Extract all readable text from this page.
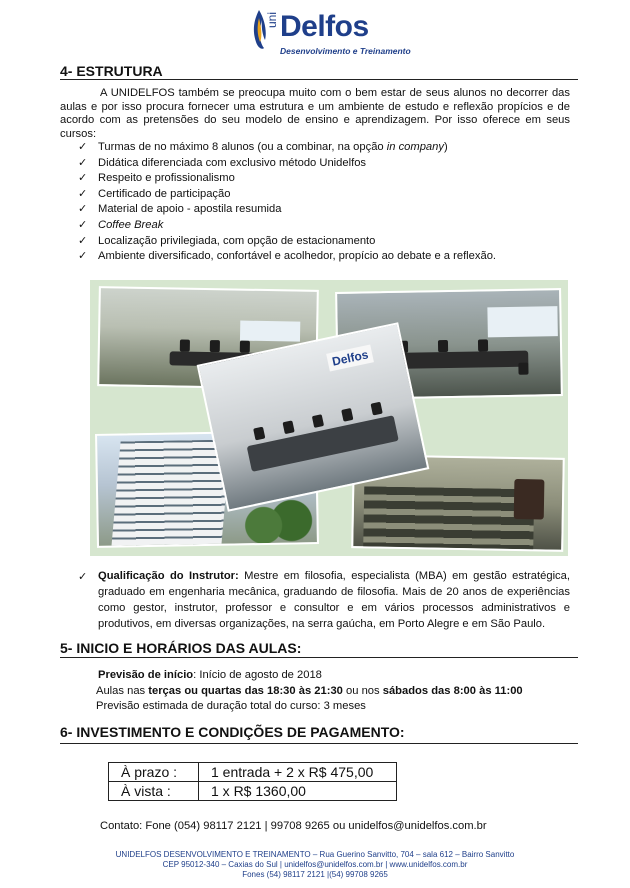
uni Delfos
Desenvolvimento e Treinamento
4- ESTRUTURA
A UNIDELFOS também se preocupa muito com o bem estar de seus alunos no decorrer das aulas e por isso procura fornecer uma estrutura e um ambiente de estudo e reflexão propícios e de acordo com as pretensões do seu modelo de ensino e aprendizagem. Por isso oferece em seus cursos:
✓ Turmas de no máximo 8 alunos (ou a combinar, na opção in company)
✓ Didática diferenciada com exclusivo método Unidelfos
✓ Respeito e profissionalismo
✓ Certificado de participação
✓ Material de apoio - apostila resumida
✓ Coffee Break
✓ Localização privilegiada, com opção de estacionamento
✓ Ambiente diversificado, confortável e acolhedor, propício ao debate e a reflexão.
Delfos
✓ Qualificação do Instrutor: Mestre em filosofia, especialista (MBA) em gestão estratégica, graduado em engenharia mecânica, graduando de filosofia. Mais de 20 anos de experiências como gestor, instrutor, professor e consultor e em vários processos administrativos e produtivos, em diversas organizações, na serra gaúcha, em Porto Alegre e em São Paulo.

5- INICIO E HORÁRIOS DAS AULAS:
Previsão de início: Início de agosto de 2018
Aulas nas terças ou quartas das 18:30 às 21:30 ou nos sábados das 8:00 às 11:00
Previsão estimada de duração total do curso: 3 meses
6- INVESTIMENTO E CONDIÇÕES DE PAGAMENTO:
À prazo :	1 entrada + 2 x R$ 475,00
À vista :	1 x R$ 1360,00
Contato: Fone (054) 98117 2121 | 99708 9265 ou unidelfos@unidelfos.com.br
UNIDELFOS DESENVOLVIMENTO E TREINAMENTO – Rua Guerino Sanvitto, 704 – sala 612 – Bairro Sanvitto
CEP 95012-340 – Caxias do Sul | unidelfos@unidelfos.com.br | www.unidelfos.com.br
Fones (54) 98117 2121 |(54) 99708 9265
